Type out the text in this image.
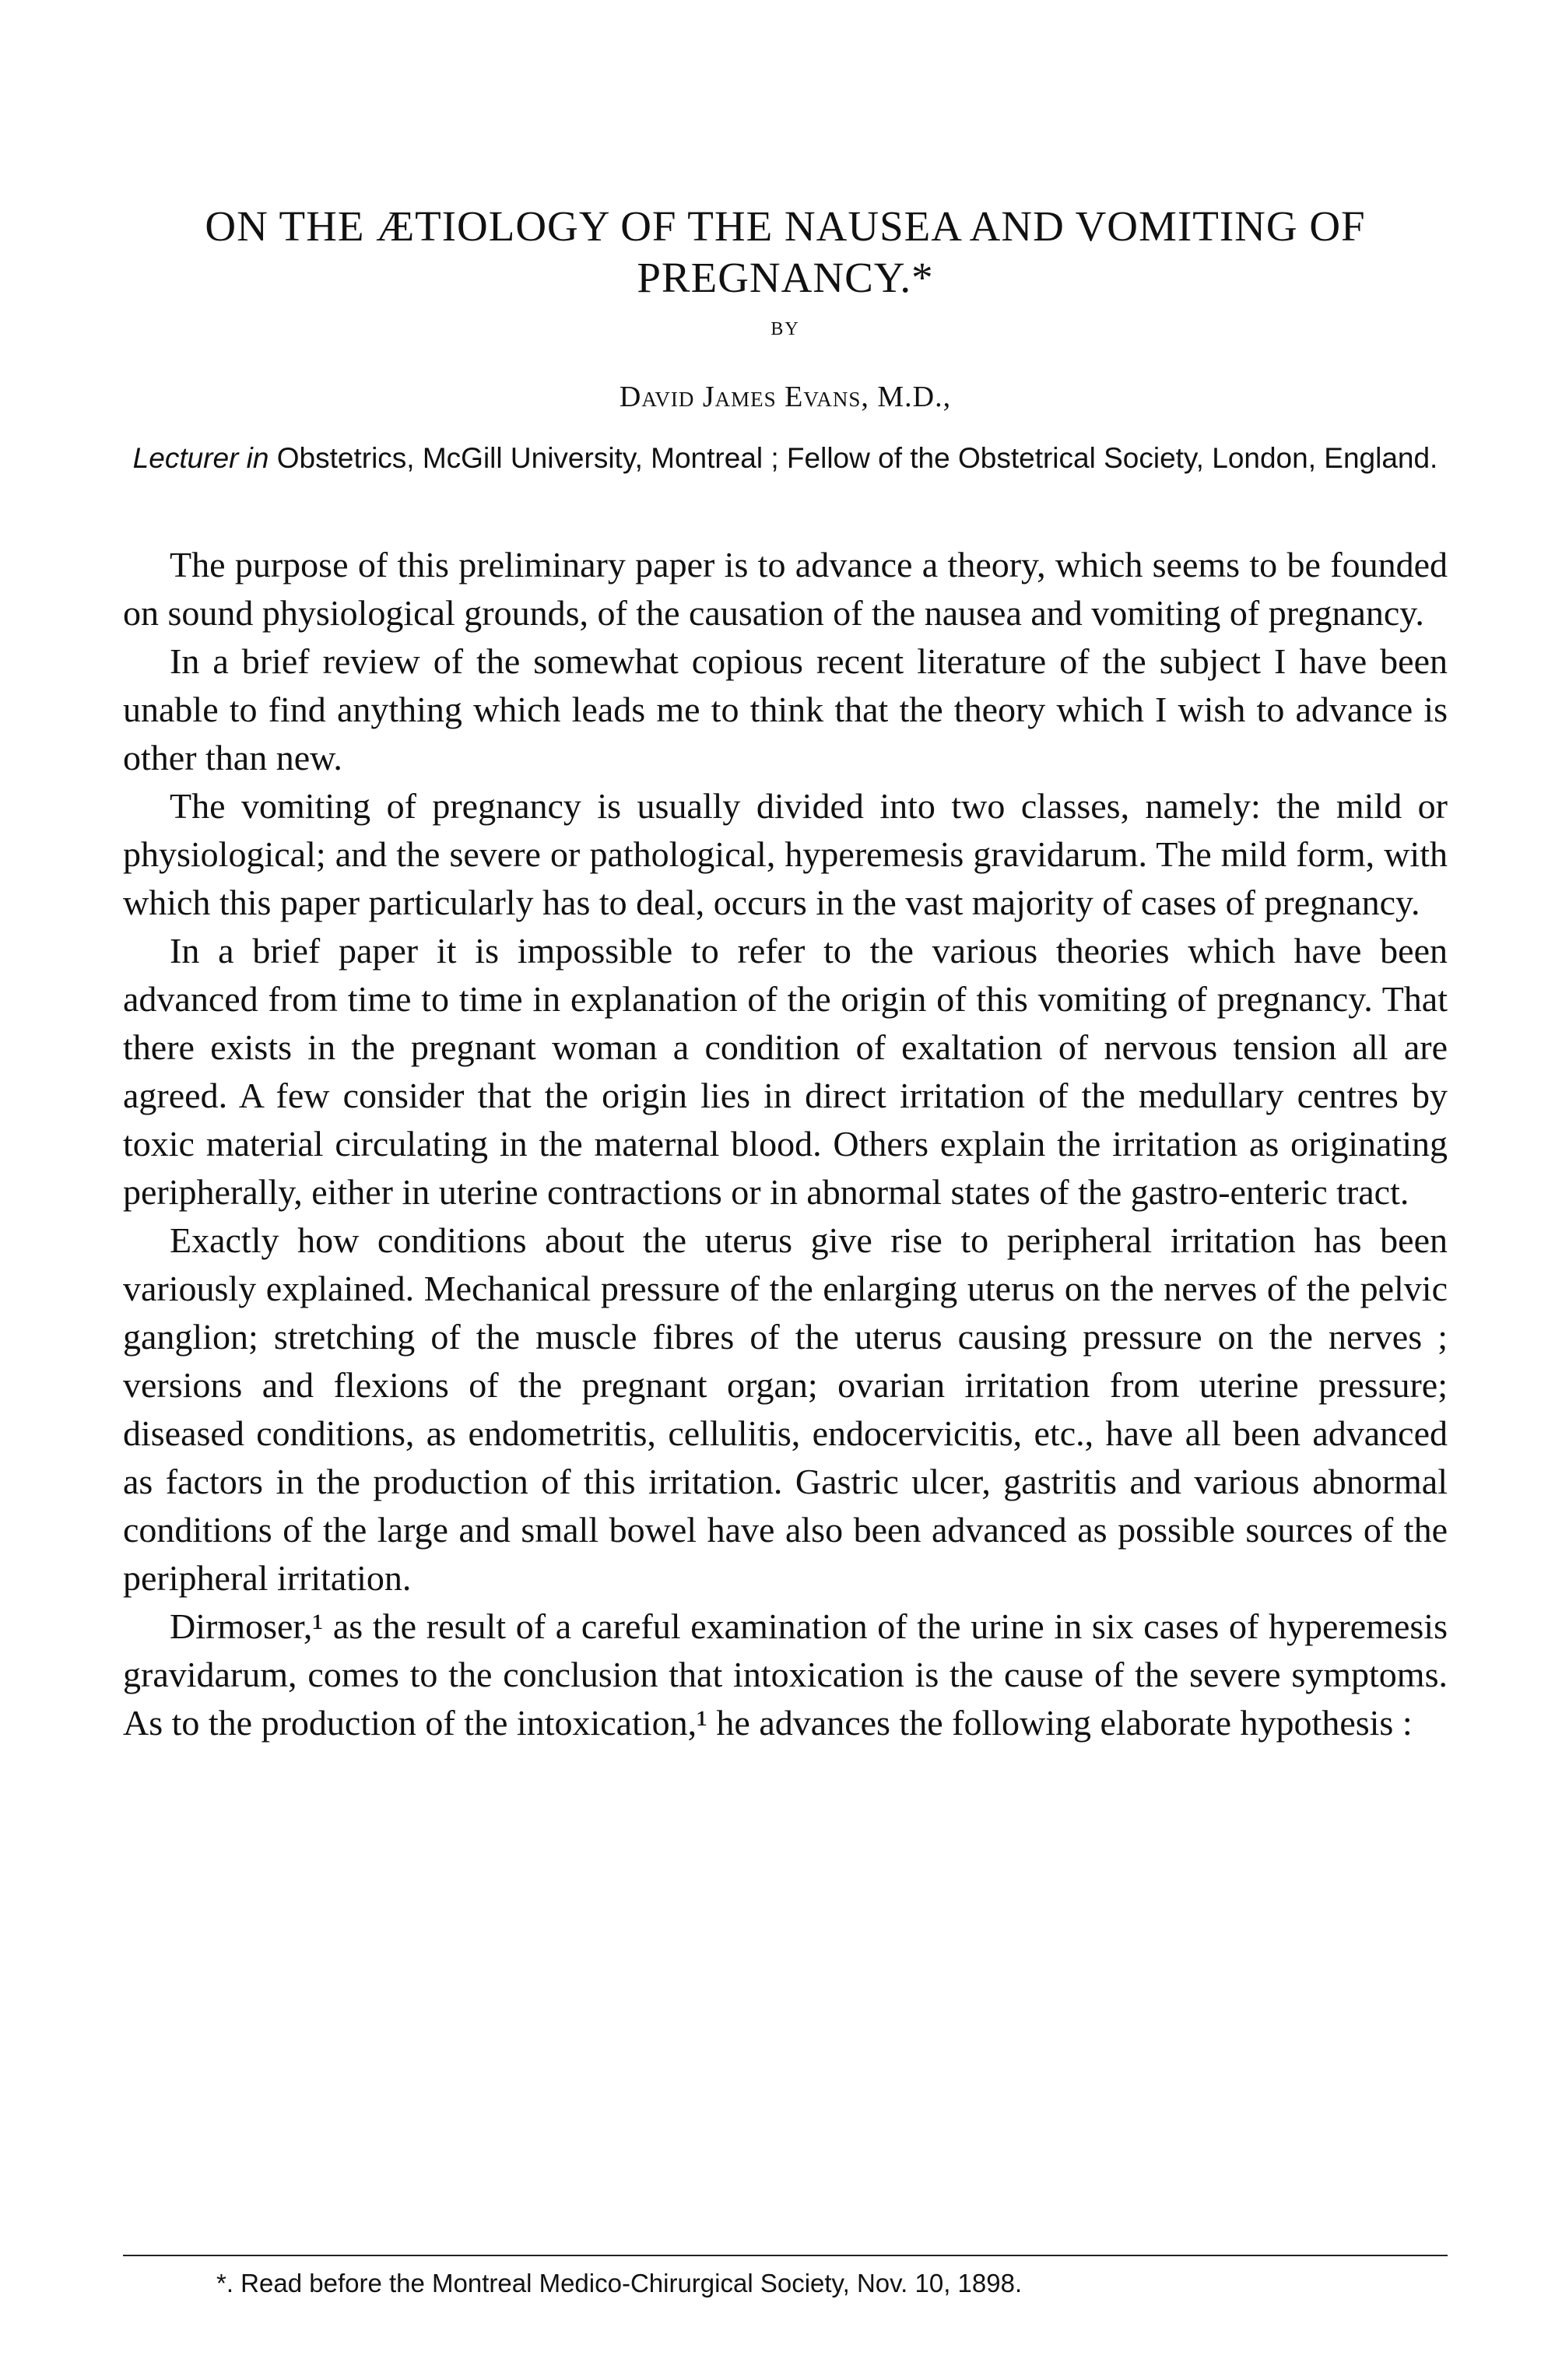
ON THE ÆTIOLOGY OF THE NAUSEA AND VOMITING OF PREGNANCY.*
BY
David James Evans, M.D.,
Lecturer in Obstetrics, McGill University, Montreal ; Fellow of the Obstetrical Society, London, England.

The purpose of this preliminary paper is to advance a theory, which seems to be founded on sound physiological grounds, of the causation of the nausea and vomiting of pregnancy.

In a brief review of the somewhat copious recent literature of the subject I have been unable to find anything which leads me to think that the theory which I wish to advance is other than new.

The vomiting of pregnancy is usually divided into two classes, namely: the mild or physiological; and the severe or pathological, hyperemesis gravidarum. The mild form, with which this paper particularly has to deal, occurs in the vast majority of cases of pregnancy.

In a brief paper it is impossible to refer to the various theories which have been advanced from time to time in explanation of the origin of this vomiting of pregnancy. That there exists in the pregnant woman a condition of exaltation of nervous tension all are agreed. A few consider that the origin lies in direct irritation of the medullary centres by toxic material circulating in the maternal blood. Others explain the irritation as originating peripherally, either in uterine contractions or in abnormal states of the gastro-enteric tract.

Exactly how conditions about the uterus give rise to peripheral irritation has been variously explained. Mechanical pressure of the enlarging uterus on the nerves of the pelvic ganglion; stretching of the muscle fibres of the uterus causing pressure on the nerves ; versions and flexions of the pregnant organ; ovarian irritation from uterine pressure; diseased conditions, as endometritis, cellulitis, endocervicitis, etc., have all been advanced as factors in the production of this irritation. Gastric ulcer, gastritis and various abnormal conditions of the large and small bowel have also been advanced as possible sources of the peripheral irritation.

Dirmoser,¹ as the result of a careful examination of the urine in six cases of hyperemesis gravidarum, comes to the conclusion that intoxication is the cause of the severe symptoms. As to the production of the intoxication,¹ he advances the following elaborate hypothesis :

*. Read before the Montreal Medico-Chirurgical Society, Nov. 10, 1898.
